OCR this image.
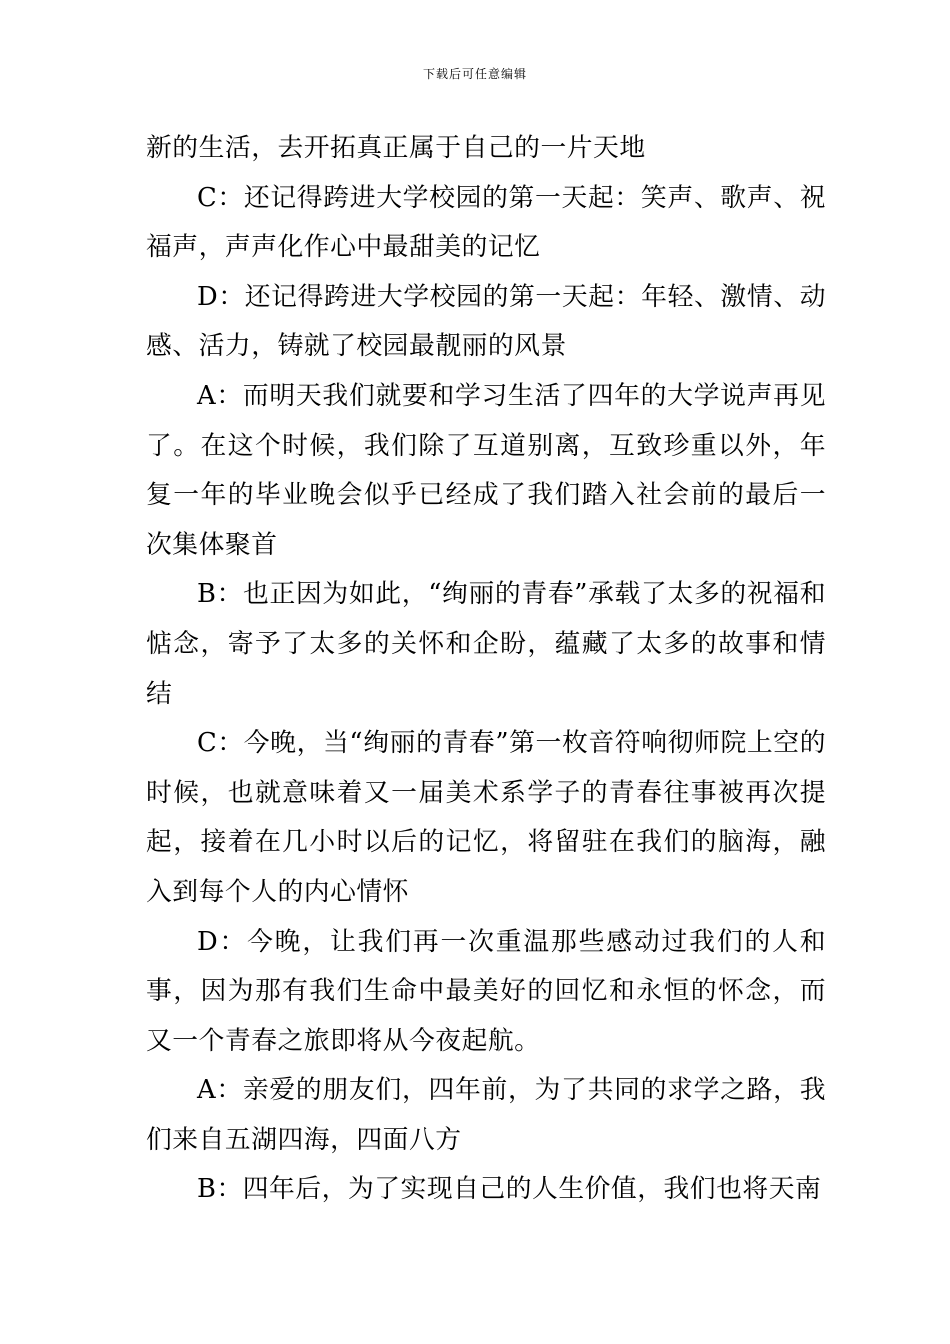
下载后可任意编辑

新的生活，去开拓真正属于自己的一片天地

C：还记得跨进大学校园的第一天起：笑声、歌声、祝福声，声声化作心中最甜美的记忆

D：还记得跨进大学校园的第一天起：年轻、激情、动感、活力，铸就了校园最靓丽的风景

A：而明天我们就要和学习生活了四年的大学说声再见了。在这个时候，我们除了互道别离，互致珍重以外，年复一年的毕业晚会似乎已经成了我们踏入社会前的最后一次集体聚首

B：也正因为如此，“绚丽的青春”承载了太多的祝福和惦念，寄予了太多的关怀和企盼，蕴藏了太多的故事和情结

C：今晚，当“绚丽的青春”第一枚音符响彻师院上空的时候，也就意味着又一届美术系学子的青春往事被再次提起，接着在几小时以后的记忆，将留驻在我们的脑海，融入到每个人的内心情怀

D：今晚，让我们再一次重温那些感动过我们的人和事，因为那有我们生命中最美好的回忆和永恒的怀念，而又一个青春之旅即将从今夜起航。

A：亲爱的朋友们，四年前，为了共同的求学之路，我们来自五湖四海，四面八方

B：四年后，为了实现自己的人生价值，我们也将天南
